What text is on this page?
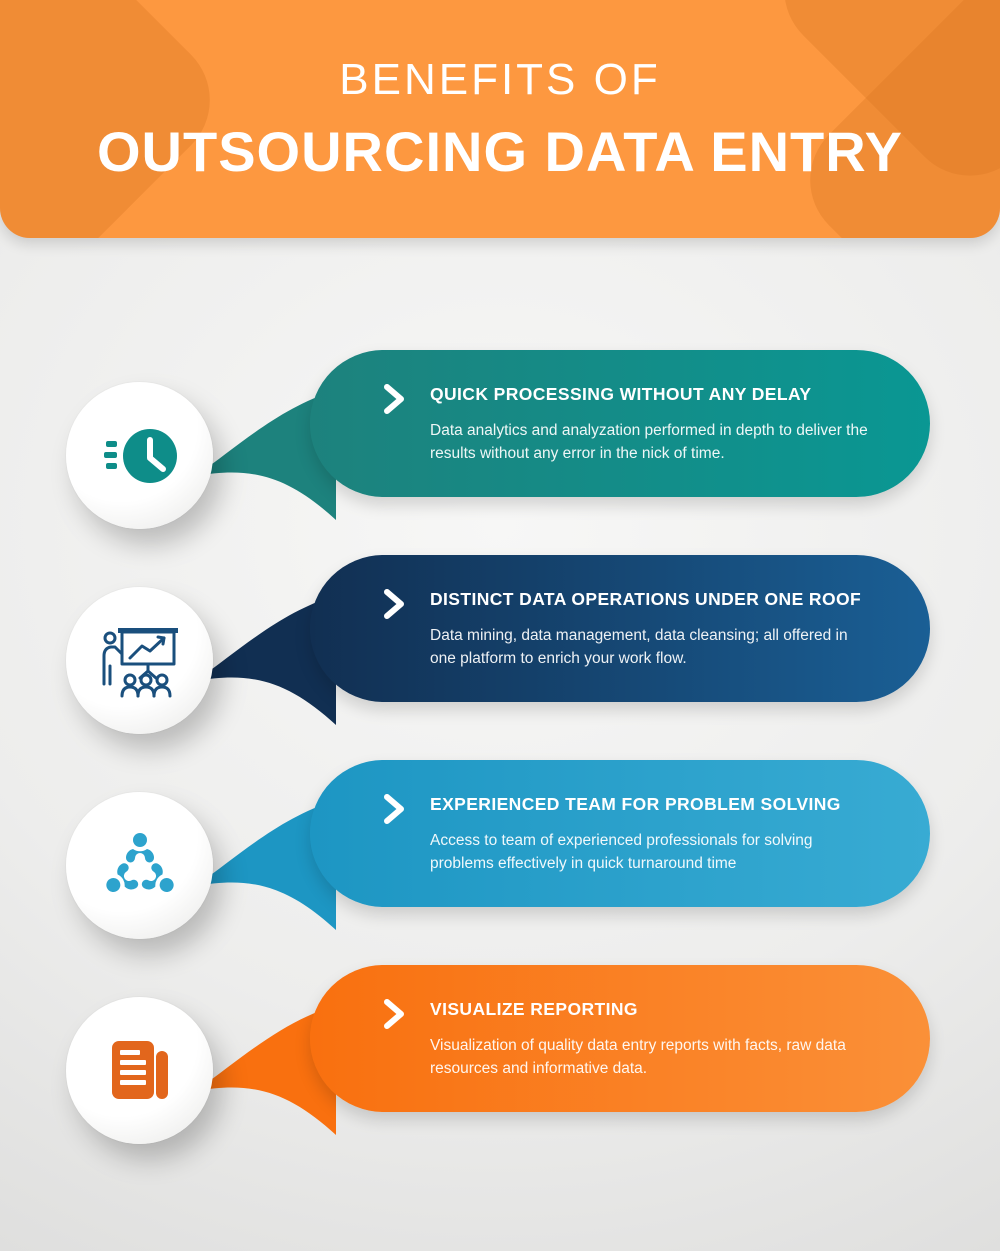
BENEFITS OF
OUTSOURCING DATA ENTRY
QUICK PROCESSING WITHOUT ANY DELAY
Data analytics and analyzation performed in depth to deliver the results without any error in the nick of time.
DISTINCT DATA OPERATIONS UNDER ONE ROOF
Data mining, data management, data cleansing; all offered in one platform to enrich your work flow.
EXPERIENCED TEAM FOR PROBLEM SOLVING
Access to team of experienced professionals for solving problems effectively in quick turnaround time
VISUALIZE REPORTING
Visualization of quality data entry reports with facts, raw data resources and informative data.
